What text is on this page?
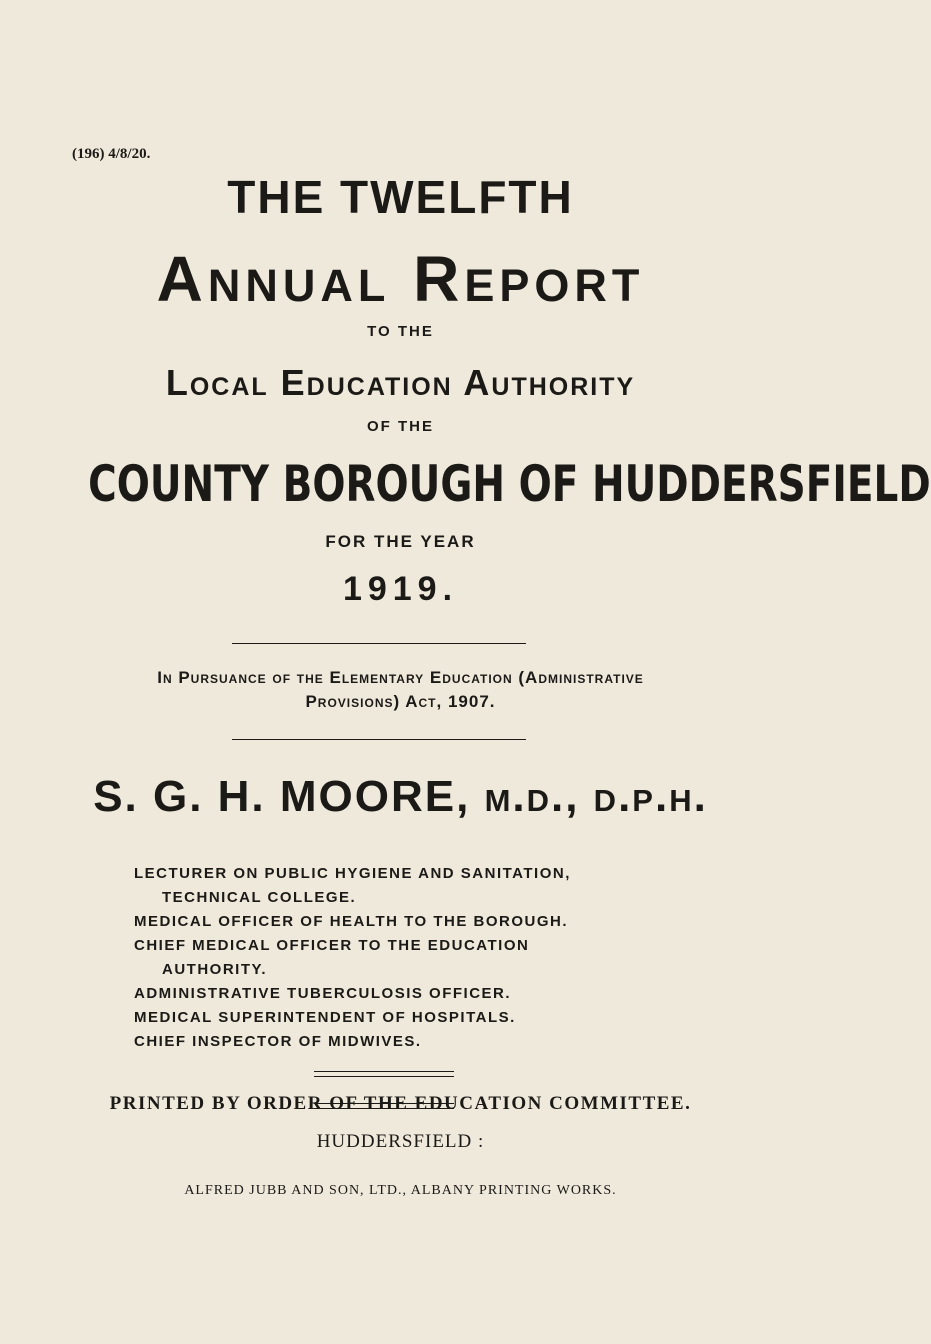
(196) 4/8/20.
THE TWELFTH
Annual Report
TO THE
Local Education Authority
OF THE
COUNTY BOROUGH OF HUDDERSFIELD
FOR THE YEAR
1919.
In Pursuance of the Elementary Education (Administrative
Provisions) Act, 1907.
S. G. H. MOORE, m.d., d.p.h.
LECTURER ON PUBLIC HYGIENE AND SANITATION,
TECHNICAL COLLEGE.
MEDICAL OFFICER OF HEALTH TO THE BOROUGH.
CHIEF MEDICAL OFFICER TO THE EDUCATION
AUTHORITY.
ADMINISTRATIVE TUBERCULOSIS OFFICER.
MEDICAL SUPERINTENDENT OF HOSPITALS.
CHIEF INSPECTOR OF MIDWIVES.
PRINTED BY ORDER OF THE EDUCATION COMMITTEE.
HUDDERSFIELD :
ALFRED JUBB AND SON, LTD., ALBANY PRINTING WORKS.
